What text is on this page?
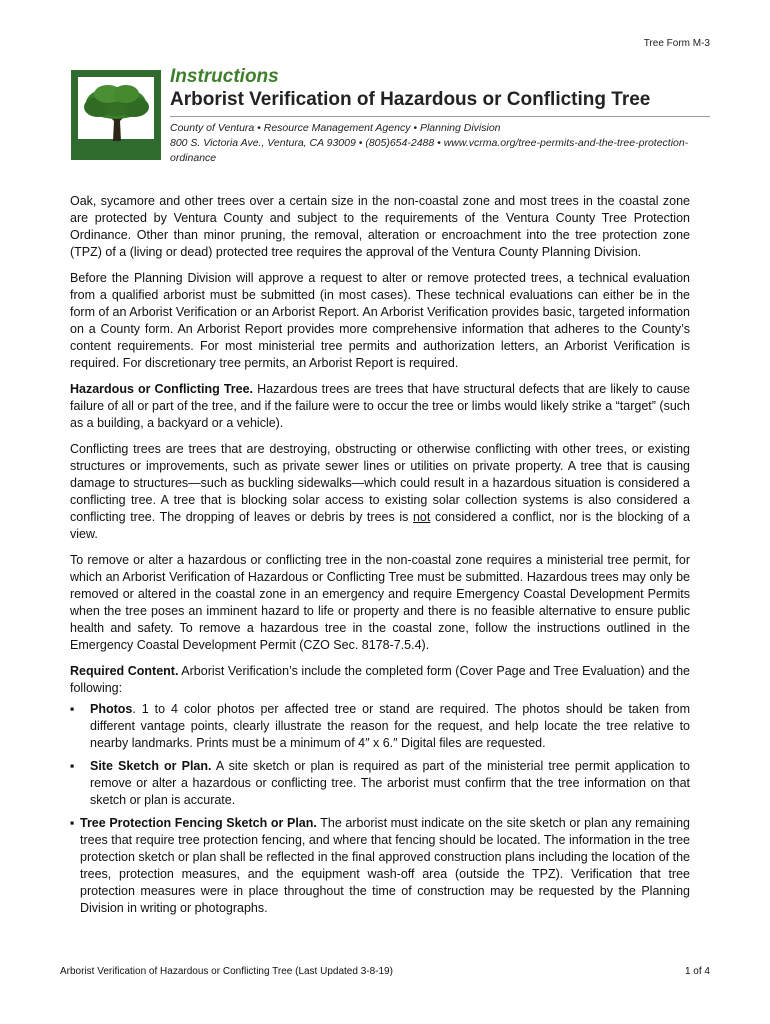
Tree Form M-3
Instructions
Arborist Verification of Hazardous or Conflicting Tree
County of Ventura • Resource Management Agency • Planning Division
800 S. Victoria Ave., Ventura, CA 93009 • (805)654-2488 • www.vcrma.org/tree-permits-and-the-tree-protection-ordinance

Oak, sycamore and other trees over a certain size in the non-coastal zone and most trees in the coastal zone are protected by Ventura County and subject to the requirements of the Ventura County Tree Protection Ordinance. Other than minor pruning, the removal, alteration or encroachment into the tree protection zone (TPZ) of a (living or dead) protected tree requires the approval of the Ventura County Planning Division.

Before the Planning Division will approve a request to alter or remove protected trees, a technical evaluation from a qualified arborist must be submitted (in most cases). These technical evaluations can either be in the form of an Arborist Verification or an Arborist Report. An Arborist Verification provides basic, targeted information on a County form. An Arborist Report provides more comprehensive information that adheres to the County’s content requirements. For most ministerial tree permits and authorization letters, an Arborist Verification is required. For discretionary tree permits, an Arborist Report is required.

Hazardous or Conflicting Tree. Hazardous trees are trees that have structural defects that are likely to cause failure of all or part of the tree, and if the failure were to occur the tree or limbs would likely strike a “target” (such as a building, a backyard or a vehicle).

Conflicting trees are trees that are destroying, obstructing or otherwise conflicting with other trees, or existing structures or improvements, such as private sewer lines or utilities on private property. A tree that is causing damage to structures—such as buckling sidewalks—which could result in a hazardous situation is considered a conflicting tree. A tree that is blocking solar access to existing solar collection systems is also considered a conflicting tree. The dropping of leaves or debris by trees is not considered a conflict, nor is the blocking of a view.

To remove or alter a hazardous or conflicting tree in the non-coastal zone requires a ministerial tree permit, for which an Arborist Verification of Hazardous or Conflicting Tree must be submitted. Hazardous trees may only be removed or altered in the coastal zone in an emergency and require Emergency Coastal Development Permits when the tree poses an imminent hazard to life or property and there is no feasible alternative to ensure public health and safety. To remove a hazardous tree in the coastal zone, follow the instructions outlined in the Emergency Coastal Development Permit (CZO Sec. 8178-7.5.4).

Required Content. Arborist Verification’s include the completed form (Cover Page and Tree Evaluation) and the following:

▪	Photos. 1 to 4 color photos per affected tree or stand are required. The photos should be taken from different vantage points, clearly illustrate the reason for the request, and help locate the tree relative to nearby landmarks. Prints must be a minimum of 4″ x 6.″ Digital files are requested.
▪	Site Sketch or Plan. A site sketch or plan is required as part of the ministerial tree permit application to remove or alter a hazardous or conflicting tree. The arborist must confirm that the tree information on that sketch or plan is accurate.
▪ Tree Protection Fencing Sketch or Plan. The arborist must indicate on the site sketch or plan any remaining trees that require tree protection fencing, and where that fencing should be located. The information in the tree protection sketch or plan shall be reflected in the final approved construction plans including the location of the trees, protection measures, and the equipment wash-off area (outside the TPZ). Verification that tree protection measures were in place throughout the time of construction may be requested by the Planning Division in writing or photographs.
Arborist Verification of Hazardous or Conflicting Tree (Last Updated 3-8-19)	1 of 4
